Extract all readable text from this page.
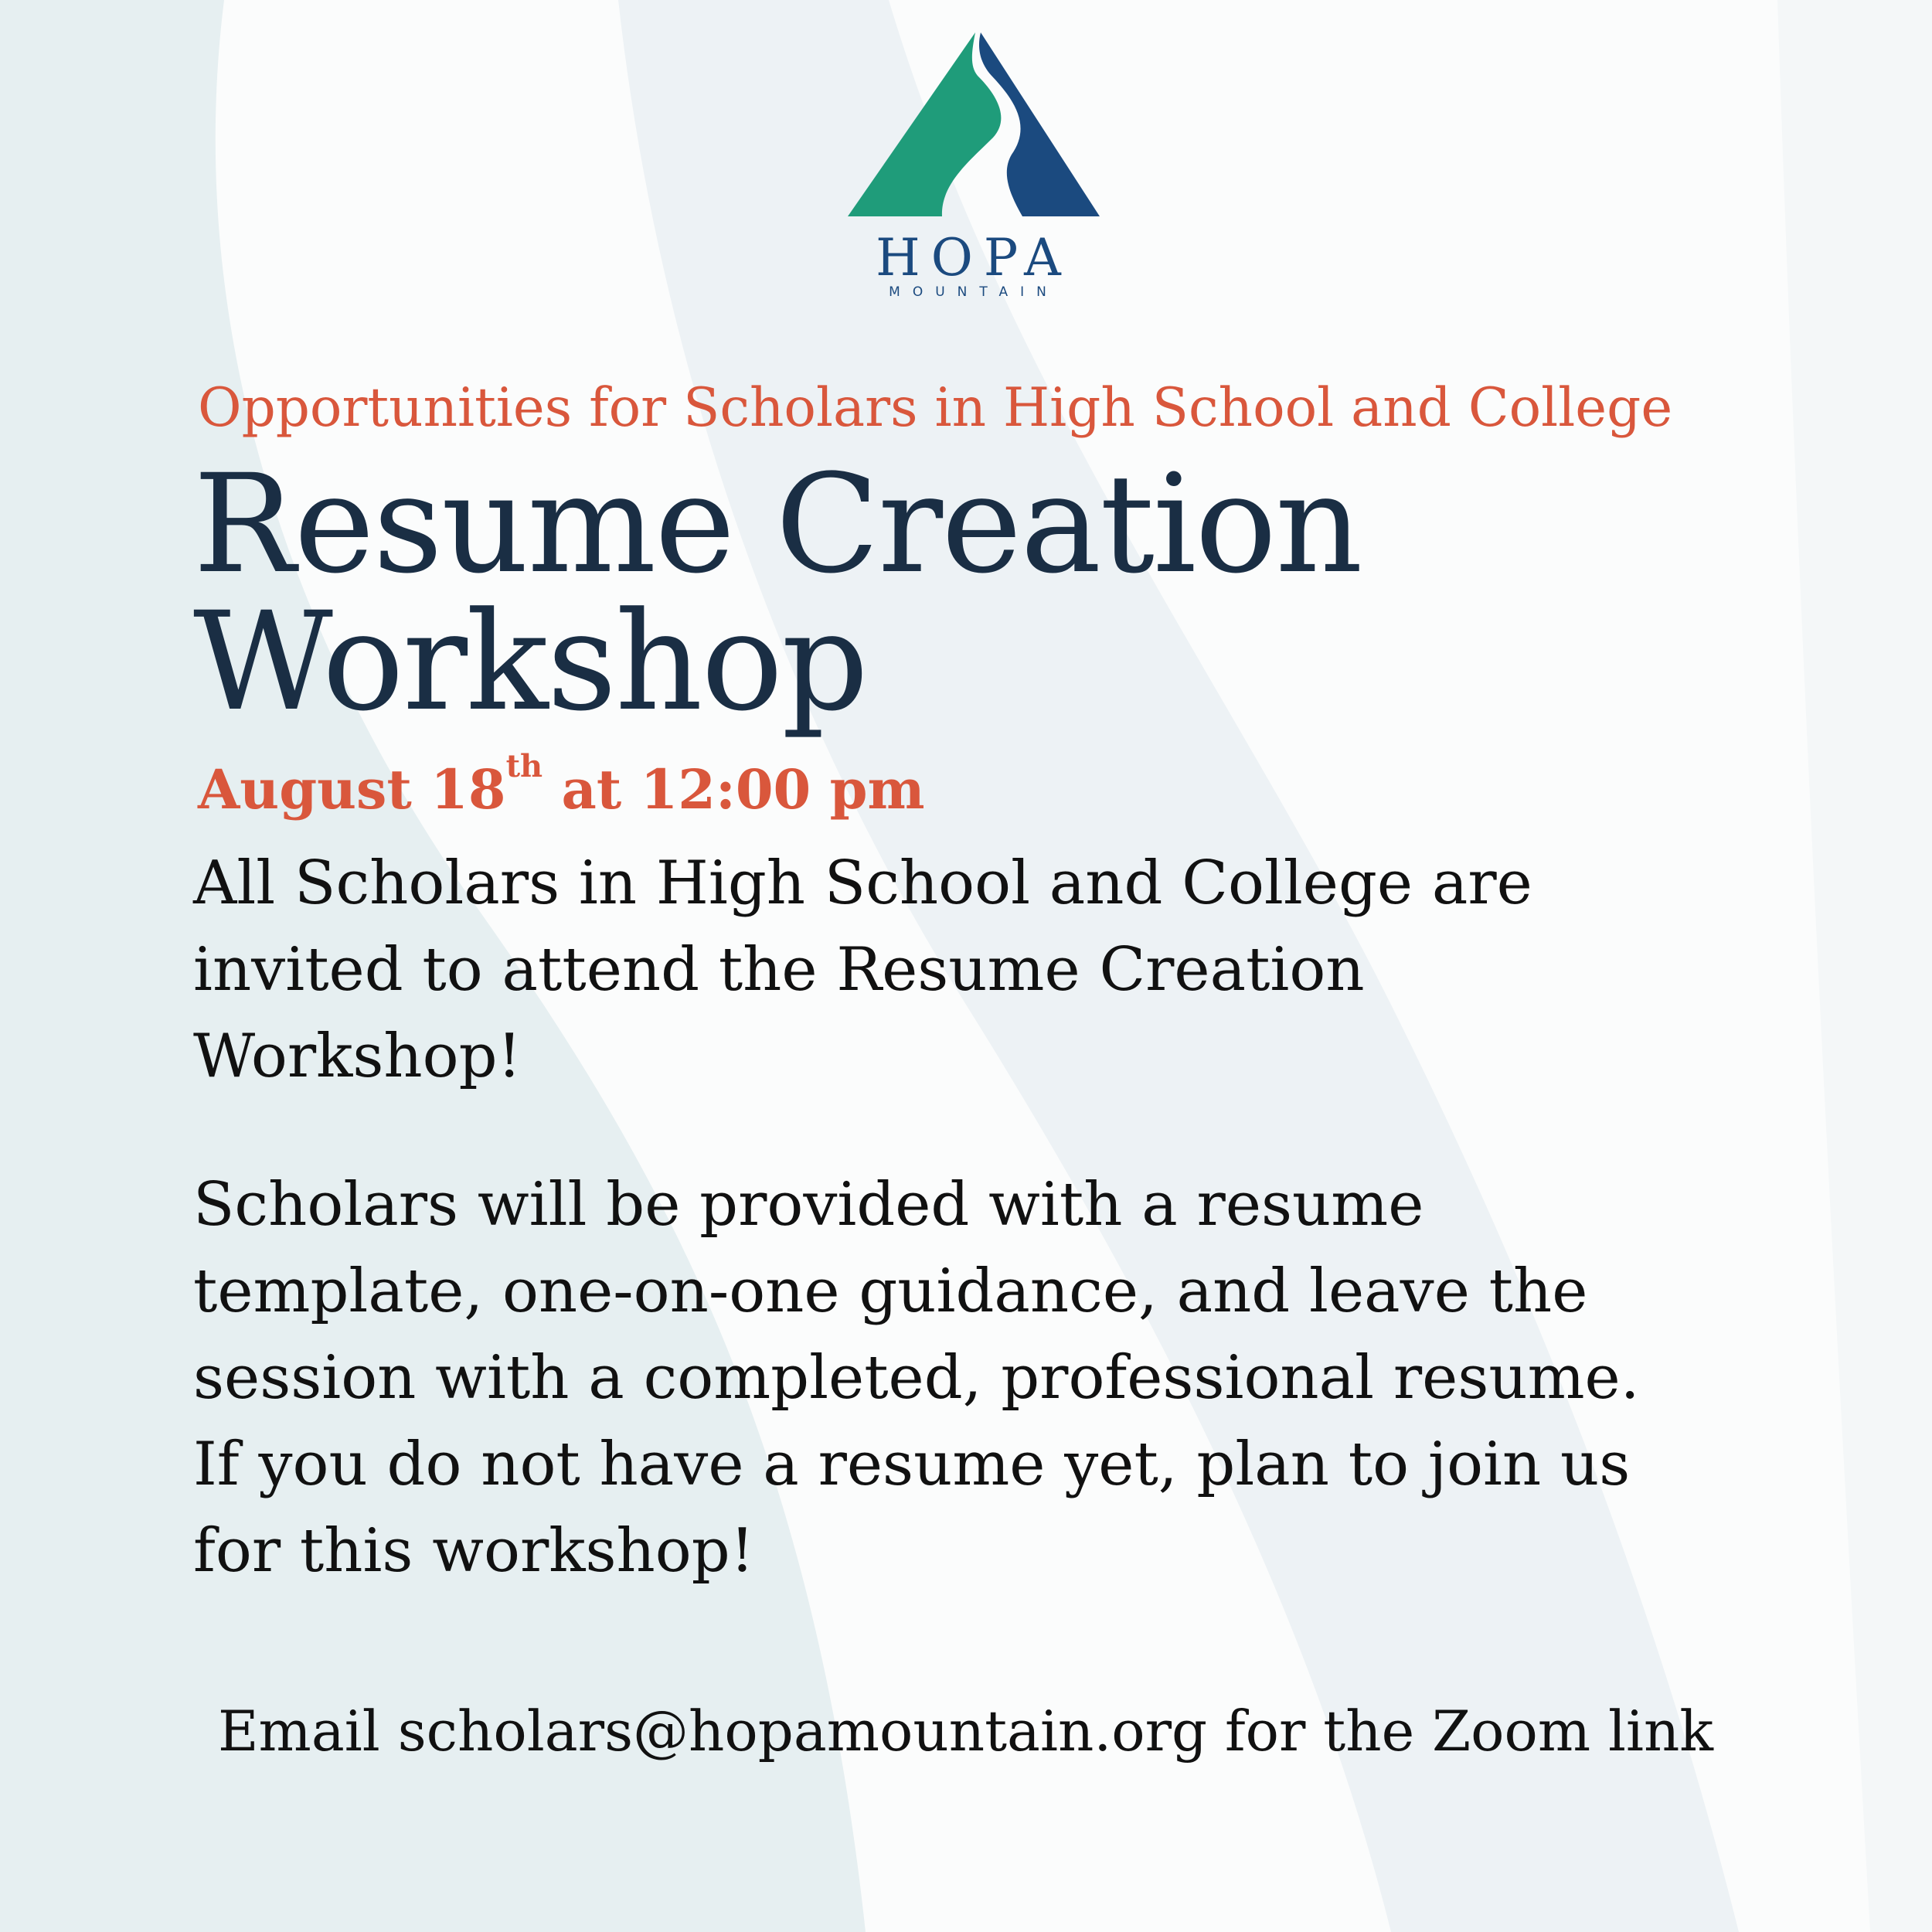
HOPA
MOUNTAIN

Opportunities for Scholars in High School and College

Resume Creation
Workshop

August 18th at 12:00 pm

All Scholars in High School and College are
invited to attend the Resume Creation
Workshop!
Scholars will be provided with a resume
template, one-on-one guidance, and leave the
session with a completed, professional resume.
If you do not have a resume yet, plan to join us
for this workshop!

Email scholars@hopamountain.org for the Zoom link
